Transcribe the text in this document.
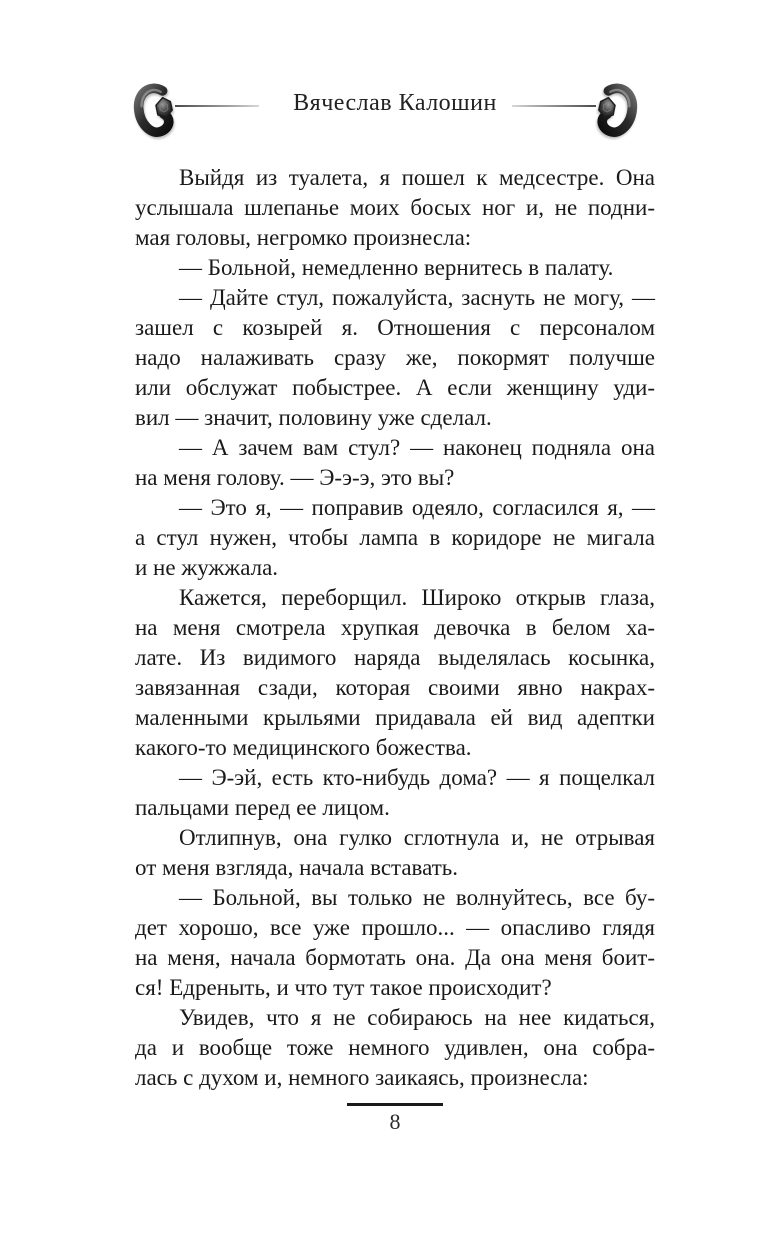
Вячеслав Калошин
Выйдя из туалета, я пошел к медсестре. Она
услышала шлепанье моих босых ног и, не подни-
мая головы, негромко произнесла:
— Больной, немедленно вернитесь в палату.
— Дайте стул, пожалуйста, заснуть не могу, —
зашел с козырей я. Отношения с персоналом
надо налаживать сразу же, покормят получше
или обслужат побыстрее. А если женщину уди-
вил — значит, половину уже сделал.
— А зачем вам стул? — наконец подняла она
на меня голову. — Э-э-э, это вы?
— Это я, — поправив одеяло, согласился я, —
а стул нужен, чтобы лампа в коридоре не мигала
и не жужжала.
Кажется, переборщил. Широко открыв глаза,
на меня смотрела хрупкая девочка в белом ха-
лате. Из видимого наряда выделялась косынка,
завязанная сзади, которая своими явно накрах-
маленными крыльями придавала ей вид адептки
какого-то медицинского божества.
— Э-эй, есть кто-нибудь дома? — я пощелкал
пальцами перед ее лицом.
Отлипнув, она гулко сглотнула и, не отрывая
от меня взгляда, начала вставать.
— Больной, вы только не волнуйтесь, все бу-
дет хорошо, все уже прошло... — опасливо глядя
на меня, начала бормотать она. Да она меня боит-
ся! Едреныть, и что тут такое происходит?
Увидев, что я не собираюсь на нее кидаться,
да и вообще тоже немного удивлен, она собра-
лась с духом и, немного заикаясь, произнесла:
8
